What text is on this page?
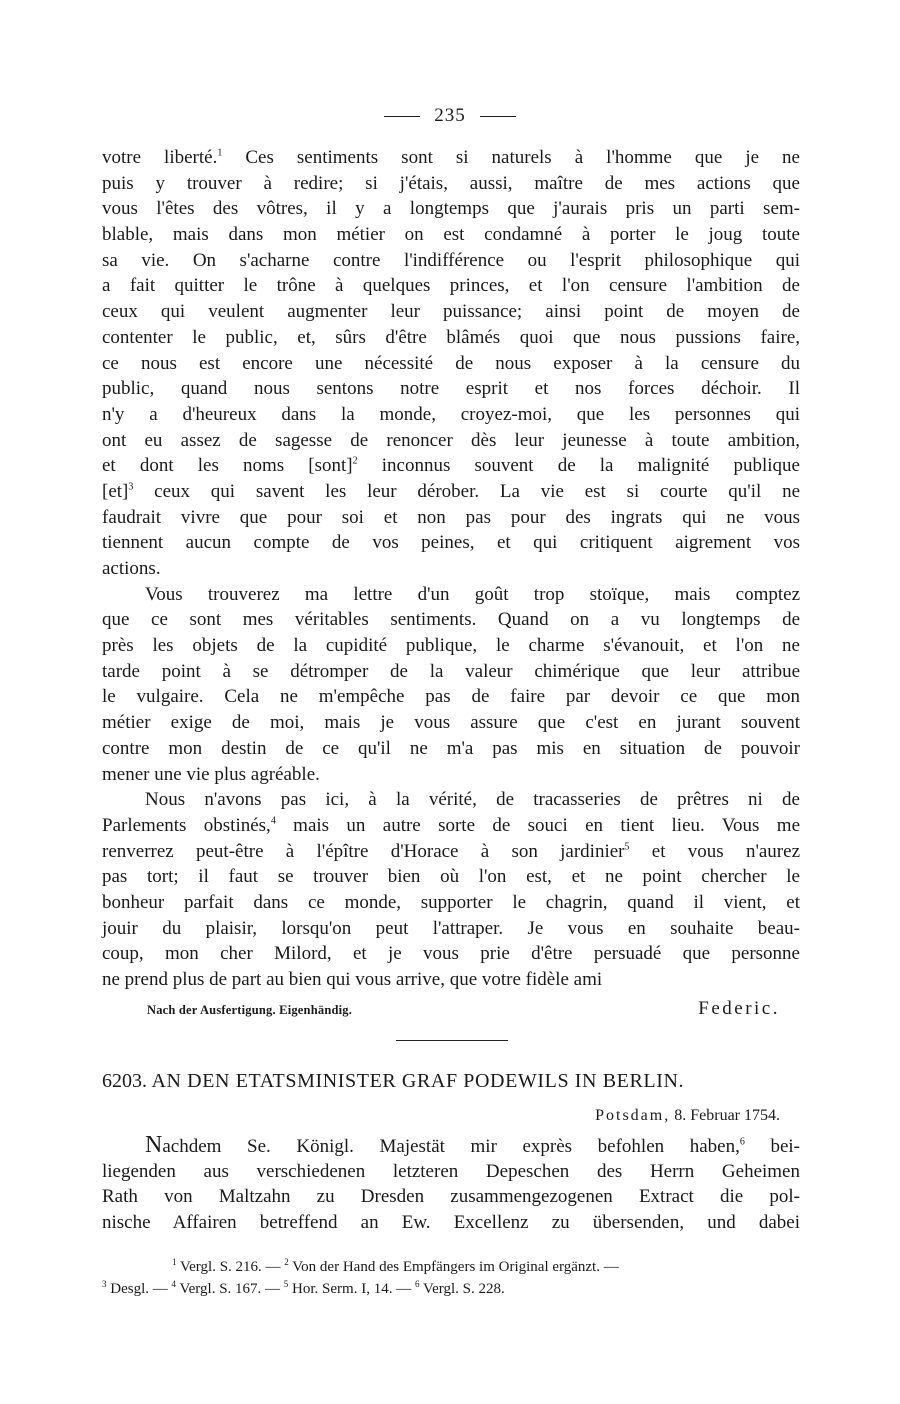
235
votre liberté.$^1$ Ces sentiments sont si naturels à l'homme que je ne
puis y trouver à redire; si j'étais, aussi, maître de mes actions que
vous l'êtes des vôtres, il y a longtemps que j'aurais pris un parti sem-
blable, mais dans mon métier on est condamné à porter le joug toute
sa vie. On s'acharne contre l'indifférence ou l'esprit philosophique qui
a fait quitter le trône à quelques princes, et l'on censure l'ambition de
ceux qui veulent augmenter leur puissance; ainsi point de moyen de
contenter le public, et, sûrs d'être blâmés quoi que nous pussions faire,
ce nous est encore une nécessité de nous exposer à la censure du
public, quand nous sentons notre esprit et nos forces déchoir. Il
n'y a d'heureux dans la monde, croyez-moi, que les personnes qui
ont eu assez de sagesse de renoncer dès leur jeunesse à toute ambition,
et dont les noms [sont]$^2$ inconnus souvent de la malignité publique
[et]$^3$ ceux qui savent les leur dérober. La vie est si courte qu'il ne
faudrait vivre que pour soi et non pas pour des ingrats qui ne vous
tiennent aucun compte de vos peines, et qui critiquent aigrement vos
actions.
Vous trouverez ma lettre d'un goût trop stoïque, mais comptez
que ce sont mes véritables sentiments. Quand on a vu longtemps de
près les objets de la cupidité publique, le charme s'évanouit, et l'on ne
tarde point à se détromper de la valeur chimérique que leur attribue
le vulgaire. Cela ne m'empêche pas de faire par devoir ce que mon
métier exige de moi, mais je vous assure que c'est en jurant souvent
contre mon destin de ce qu'il ne m'a pas mis en situation de pouvoir
mener une vie plus agréable.
Nous n'avons pas ici, à la vérité, de tracasseries de prêtres ni de
Parlements obstinés,$^4$ mais un autre sorte de souci en tient lieu. Vous me
renverrez peut-être à l'épître d'Horace à son jardinier$^5$ et vous n'aurez
pas tort; il faut se trouver bien où l'on est, et ne point chercher le
bonheur parfait dans ce monde, supporter le chagrin, quand il vient, et
jouir du plaisir, lorsqu'on peut l'attraper. Je vous en souhaite beau-
coup, mon cher Milord, et je vous prie d'être persuadé que personne
ne prend plus de part au bien qui vous arrive, que votre fidèle ami
Nach der Ausfertigung. Eigenhändig.	Federic.
6203. AN DEN ETATSMINISTER GRAF PODEWILS IN BERLIN.
Potsdam, 8. Februar 1754.
Nachdem Se. Königl. Majestät mir exprès befohlen haben,$^6$ bei-
liegenden aus verschiedenen letzteren Depeschen des Herrn Geheimen
Rath von Maltzahn zu Dresden zusammengezogenen Extract die pol-
nische Affairen betreffend an Ew. Excellenz zu übersenden, und dabei
$^1$ Vergl. S. 216. — $^2$ Von der Hand des Empfängers im Original ergänzt. —
$^3$ Desgl. — $^4$ Vergl. S. 167. — $^5$ Hor. Serm. I, 14. — $^6$ Vergl. S. 228.
